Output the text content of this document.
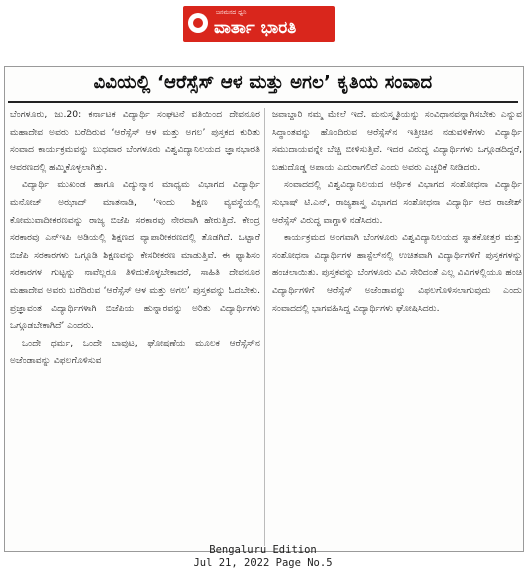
ಜನಮನದ ಧ್ವನಿ
ವಾರ್ತಾ ಭಾರತಿ
ವಿವಿಯಲ್ಲಿ ‘ಆರೆಸ್ಸೆಸ್ ಆಳ ಮತ್ತು ಅಗಲ’ ಕೃತಿಯ ಸಂವಾದ

ಬೆಂಗಳೂರು, ಜು.20: ಕರ್ನಾಟಕ ವಿದ್ಯಾರ್ಥಿ ಸಂಘಟನೆ ವತಿಯಿಂದ ದೇವನೂರ ಮಹಾದೇವ ಅವರು ಬರೆದಿರುವ ‘ಆರೆಸ್ಸೆಸ್ ಆಳ ಮತ್ತು ಅಗಲ’ ಪುಸ್ತಕದ ಕುರಿತು ಸಂವಾದ ಕಾರ್ಯಕ್ರಮವನ್ನು ಬುಧವಾರ ಬೆಂಗಳೂರು ವಿಶ್ವವಿದ್ಯಾನಿಲಯದ ಜ್ಞಾನಭಾರತಿ ಆವರಣದಲ್ಲಿ ಹಮ್ಮಿಕೊಳ್ಳಲಾಗಿತ್ತು.

ವಿದ್ಯಾರ್ಥಿ ಮುಖಂಡ ಹಾಗೂ ವಿದ್ಯುನ್ಮಾನ ಮಾಧ್ಯಮ ವಿಭಾಗದ ವಿದ್ಯಾರ್ಥಿ ಮನೋಜ್ ಅಝಾದ್ ಮಾತನಾಡಿ, ‘ಇಂದು ಶಿಕ್ಷಣ ವ್ಯವಸ್ಥೆಯಲ್ಲಿ ಕೋಮುವಾದೀಕರಣವನ್ನು ರಾಜ್ಯ ಬಿಜೆಪಿ ಸರಕಾರವು ನೇರವಾಗಿ ಹೇರುತ್ತಿದೆ. ಕೇಂದ್ರ ಸರಕಾರವು ಎನ್‌ಇಪಿ ಅಡಿಯಲ್ಲಿ ಶಿಕ್ಷಣದ ವ್ಯಾಪಾರೀಕರಣದಲ್ಲಿ ತೊಡಗಿದೆ. ಒಟ್ಟಾರೆ ಬಿಜೆಪಿ ಸರಕಾರಗಳು ಒಗ್ಗೂಡಿ ಶಿಕ್ಷಣವನ್ನು ಕೇಸರೀಕರಣ ಮಾಡುತ್ತಿವೆ. ಈ ಫ್ಯಾಶಿಸಂ ಸರಕಾರಗಳ ಗುಟ್ಟನ್ನು ನಾವೆಲ್ಲರೂ ತಿಳಿದುಕೊಳ್ಳಬೇಕಾದರೆ, ಸಾಹಿತಿ ದೇವನೂರ ಮಹಾದೇವ ಅವರು ಬರೆದಿರುವ ‘ಆರೆಸ್ಸೆಸ್ ಆಳ ಮತ್ತು ಅಗಲ’ ಪುಸ್ತಕವನ್ನು ಓದಬೇಕು. ಪ್ರಜ್ಞಾವಂತ ವಿದ್ಯಾರ್ಥಿಗಳಾಗಿ ಬಿಜೆಪಿಯ ಹುನ್ನಾರವನ್ನು ಅರಿತು ವಿದ್ಯಾರ್ಥಿಗಳು ಒಗ್ಗೂಡಬೇಕಾಗಿದೆ’ ಎಂದರು.

ಒಂದೇ ಧರ್ಮ, ಒಂದೇ ಬಾವುಟ, ಘೋಷಣೆಯ ಮೂಲಕ ಆರೆಸ್ಸೆಸ್‌ನ ಅಜೆಂಡಾವನ್ನು ವಿಫಲಗೊಳಿಸುವ

ಜವಾಬ್ದಾರಿ ನಮ್ಮ ಮೇಲೆ ಇದೆ. ಮನುಸ್ಮೃತಿಯನ್ನು ಸಂವಿಧಾನವನ್ನಾಗಿಸಬೇಕು ಎನ್ನುವ ಸಿದ್ಧಾಂತವನ್ನು ಹೊಂದಿರುವ ಆರೆಸ್ಸೆಸ್‌ನ ಇತ್ತೀಚಿನ ನಡುವಳಿಕೆಗಳು ವಿದ್ಯಾರ್ಥಿ ಸಮುದಾಯವನ್ನೇ ಬೆಚ್ಚಿ ಬೀಳಿಸುತ್ತಿವೆ. ಇದರ ವಿರುದ್ಧ ವಿದ್ಯಾರ್ಥಿಗಳು ಒಗ್ಗೂಡದಿದ್ದರೆ, ಬಹುದೊಡ್ಡ ಅಪಾಯ ಎದುರಾಗಲಿದೆ ಎಂದು ಅವರು ಎಚ್ಚರಿಕೆ ನೀಡಿದರು.

ಸಂವಾದದಲ್ಲಿ ವಿಶ್ವವಿದ್ಯಾನಿಲಯದ ಆರ್ಥಿಕ ವಿಭಾಗದ ಸಂಶೋಧನಾ ವಿದ್ಯಾರ್ಥಿ ಸುಭಾಷ್ ಟಿ.ಎನ್, ರಾಜ್ಯಶಾಸ್ತ್ರ ವಿಭಾಗದ ಸಂಶೋಧನಾ ವಿದ್ಯಾರ್ಥಿ ಆದ ರಾಜೇಶ್ ಆರೆಸ್ಸೆಸ್ ವಿರುದ್ಧ ವಾಗ್ದಾಳಿ ನಡೆಸಿದರು.

ಕಾರ್ಯಕ್ರಮದ ಅಂಗವಾಗಿ ಬೆಂಗಳೂರು ವಿಶ್ವವಿದ್ಯಾನಿಲಯದ ಸ್ನಾತಕೋತ್ತರ ಮತ್ತು ಸಂಶೋಧನಾ ವಿದ್ಯಾರ್ಥಿಗಳ ಹಾಸ್ಟೆಲ್‌ನಲ್ಲಿ ಉಚಿತವಾಗಿ ವಿದ್ಯಾರ್ಥಿಗಳಿಗೆ ಪುಸ್ತಕಗಳನ್ನು ಹಂಚಲಾಯಿತು. ಪುಸ್ತಕವನ್ನು ಬೆಂಗಳೂರು ವಿವಿ ಸೇರಿದಂತೆ ಎಲ್ಲ ವಿವಿಗಳಲ್ಲಿಯೂ ಹಂಚಿ ವಿದ್ಯಾರ್ಥಿಗಳಿಗೆ ಆರೆಸ್ಸೆಸ್ ಅಜೆಂಡಾವನ್ನು ವಿಫಲಗೊಳಿಸಲಾಗುವುದು ಎಂದು ಸಂವಾದದಲ್ಲಿ ಭಾಗವಹಿಸಿದ್ದ ವಿದ್ಯಾರ್ಥಿಗಳು ಘೋಷಿಸಿದರು.

Bengaluru Edition
Jul 21, 2022 Page No.5
